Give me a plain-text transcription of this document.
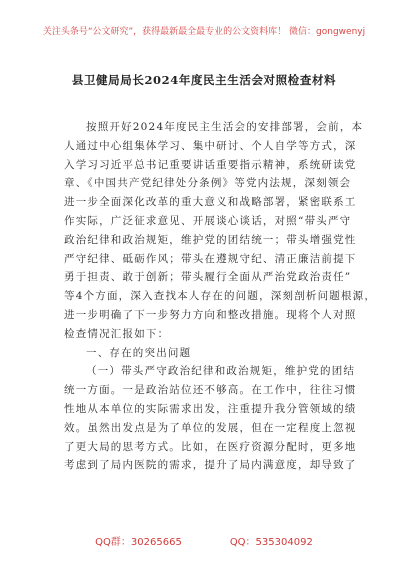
关注头条号“公文研究”，获得最新最全最专业的公文资料库！ 微信：gongwenyj
县卫健局局长2024年度民主生活会对照检查材料
按照开好2024年度民主生活会的安排部署，会前，本
人通过中心组集体学习、集中研讨、个人自学等方式，深
入学习习近平总书记重要讲话重要指示精神，系统研读党
章、《中国共产党纪律处分条例》等党内法规，深刻领会
进一步全面深化改革的重大意义和战略部署，紧密联系工
作实际，广泛征求意见、开展谈心谈话，对照“带头严守
政治纪律和政治规矩，维护党的团结统一；带头增强党性
严守纪律、砥砺作风；带头在遵规守纪、清正廉洁前提下
勇于担责、敢于创新；带头履行全面从严治党政治责任”
等4个方面，深入查找本人存在的问题，深刻剖析问题根源，
进一步明确了下一步努力方向和整改措施。现将个人对照
检查情况汇报如下：
一、存在的突出问题
（一）带头严守政治纪律和政治规矩，维护党的团结
统一方面。一是政治站位还不够高。在工作中，往往习惯
性地从本单位的实际需求出发，注重提升我分管领域的绩
效。虽然出发点是为了单位的发展，但在一定程度上忽视
了更大局的思考方式。比如，在医疗资源分配时，更多地
考虑到了局内医院的需求，提升了局内满意度，却导致了
QQ群：30265665	QQ：535304092
